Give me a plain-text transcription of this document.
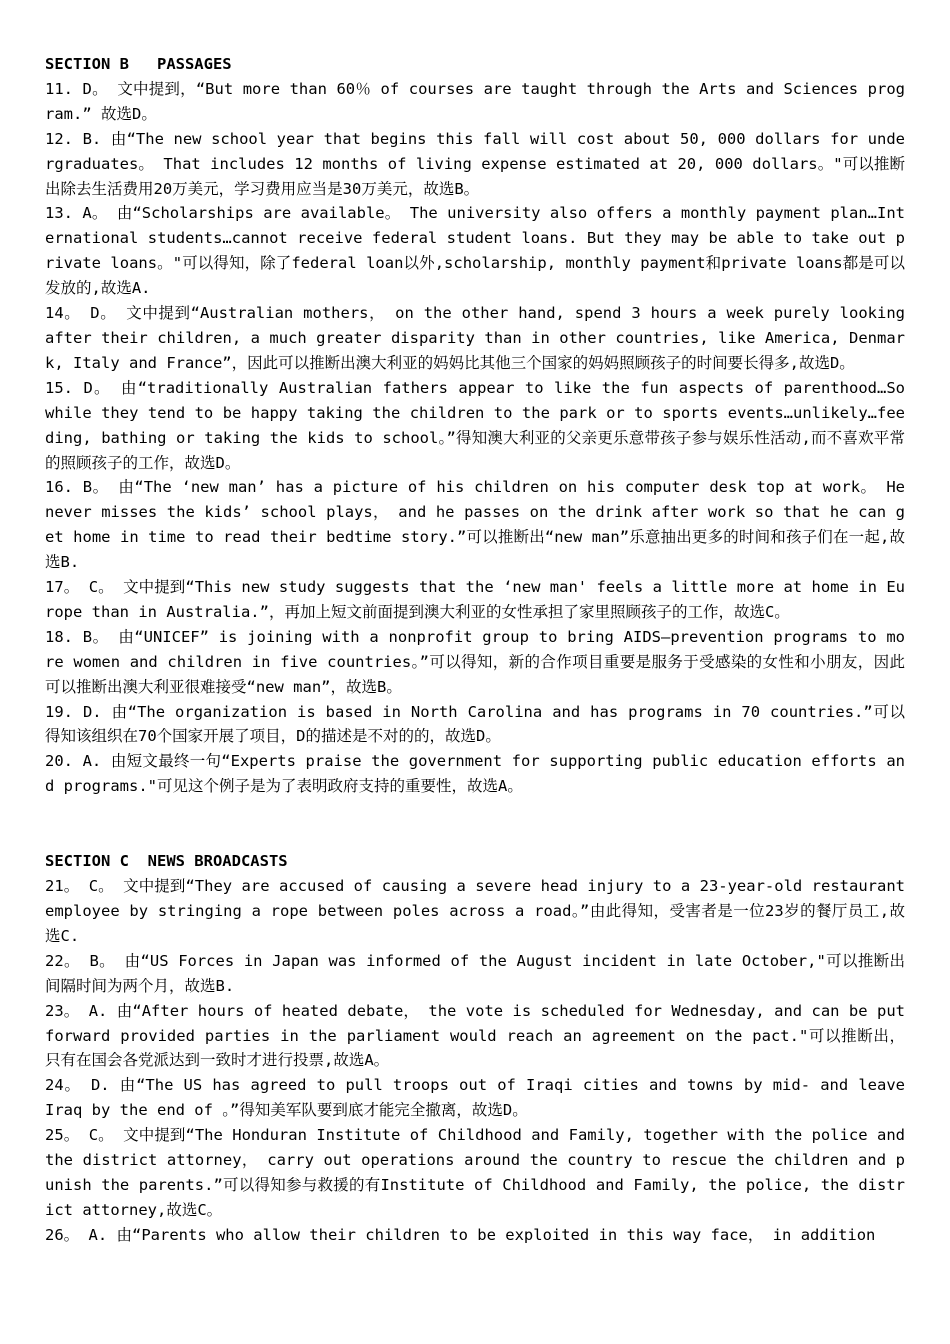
SECTION B   PASSAGES

11. D。 文中提到，“But more than 60％ of courses are taught through the Arts and Sciences program.” 故选D。

12. B. 由“The new school year that begins this fall will cost about 50, 000 dollars for undergraduates。 That includes 12 months of living expense estimated at 20, 000 dollars。"可以推断出除去生活费用20万美元，学习费用应当是30万美元，故选B。

13. A。 由“Scholarships are available。 The university also offers a monthly payment plan…International students…cannot receive federal student loans. But they may be able to take out private loans。"可以得知，除了federal loan以外,scholarship, monthly payment和private loans都是可以发放的,故选A.

14。 D。 文中提到“Australian mothers， on the other hand, spend 3 hours a week purely looking after their children, a much greater disparity than in other countries, like America, Denmark, Italy and France”，因此可以推断出澳大利亚的妈妈比其他三个国家的妈妈照顾孩子的时间要长得多,故选D。

15. D。 由“traditionally Australian fathers appear to like the fun aspects of parenthood…So while they tend to be happy taking the children to the park or to sports events…unlikely…feeding, bathing or taking the kids to school。”得知澳大利亚的父亲更乐意带孩子参与娱乐性活动,而不喜欢平常的照顾孩子的工作，故选D。

16. B。 由“The ‘new man’ has a picture of his children on his computer desk top at work。 He never misses the kids’ school plays， and he passes on the drink after work so that he can get home in time to read their bedtime story.”可以推断出“new man”乐意抽出更多的时间和孩子们在一起,故选B.

17。 C。 文中提到“This new study suggests that the ‘new man' feels a little more at home in Europe than in Australia.”，再加上短文前面提到澳大利亚的女性承担了家里照顾孩子的工作，故选C。

18. B。 由“UNICEF” is joining with a nonprofit group to bring AIDS—prevention programs to more women and children in five countries。”可以得知，新的合作项目重要是服务于受感染的女性和小朋友，因此可以推断出澳大利亚很难接受“new man”，故选B。

19. D. 由“The organization is based in North Carolina and has programs in 70 countries.”可以得知该组织在70个国家开展了项目，D的描述是不对的的，故选D。

20. A. 由短文最终一句“Experts praise the government for supporting public education efforts and programs."可见这个例子是为了表明政府支持的重要性，故选A。

SECTION C  NEWS BROADCASTS

21。 C。 文中提到“They are accused of causing a severe head injury to a 23-year-old restaurant employee by stringing a rope between poles across a road。”由此得知，受害者是一位23岁的餐厅员工,故选C.

22。 B。 由“US Forces in Japan was informed of the August incident in late October,"可以推断出间隔时间为两个月，故选B.

23。 A. 由“After hours of heated debate， the vote is scheduled for Wednesday, and can be put forward provided parties in the parliament would reach an agreement on the pact."可以推断出，只有在国会各党派达到一致时才进行投票,故选A。

24。 D. 由“The US has agreed to pull troops out of Iraqi cities and towns by mid- and leave Iraq by the end of 。”得知美军队要到底才能完全撤离，故选D。

25。 C。 文中提到“The Honduran Institute of Childhood and Family, together with the police and the district attorney， carry out operations around the country to rescue the children and punish the parents.”可以得知参与救援的有Institute of Childhood and Family, the police, the district attorney,故选C。

26。 A. 由“Parents who allow their children to be exploited in this way face， in addition
